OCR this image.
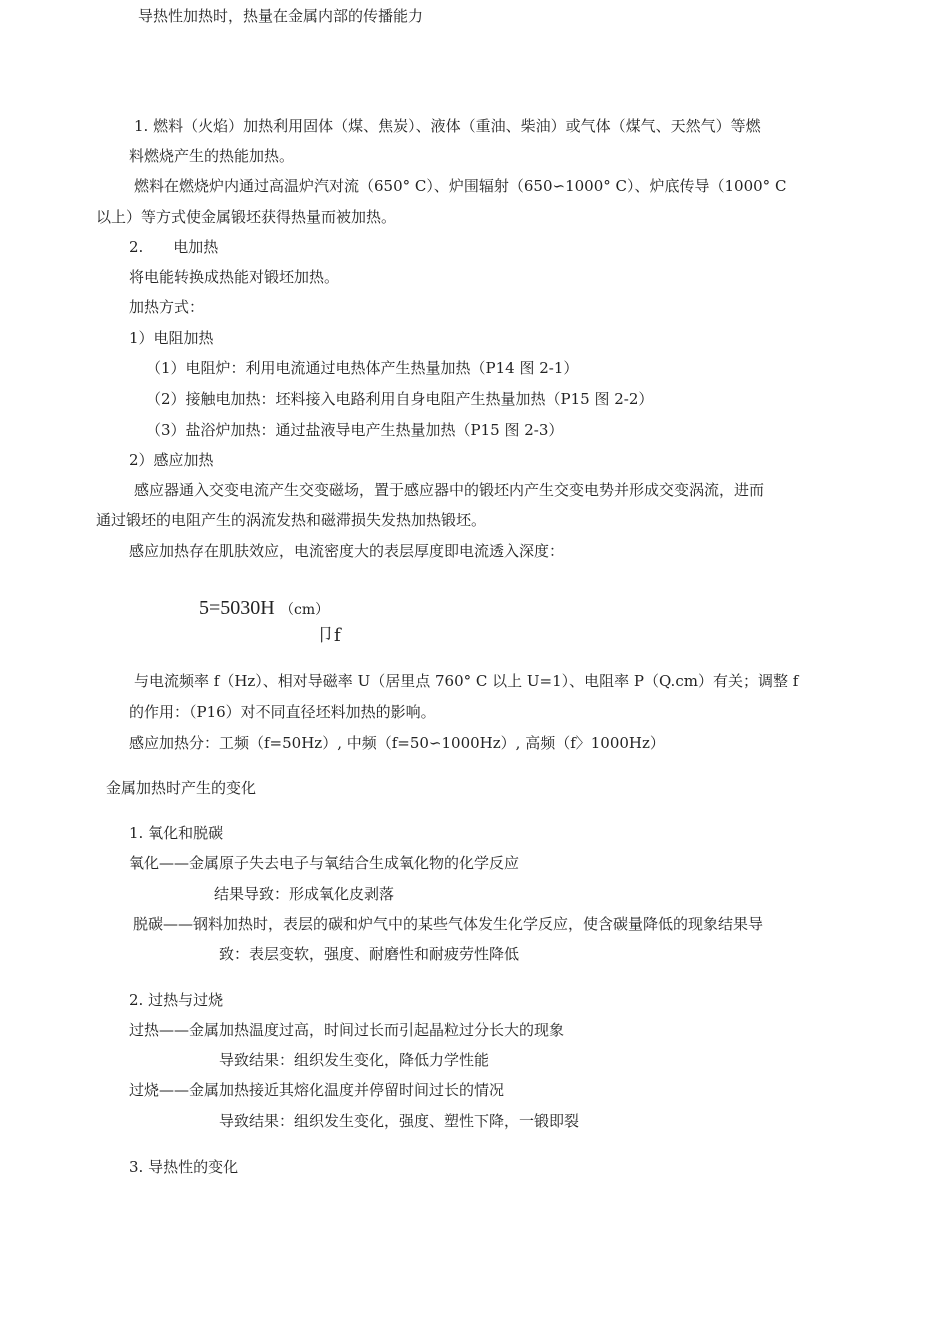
导热性加热时，热量在金属内部的传播能力
1. 燃料（火焰）加热利用固体（煤、焦炭）、液体（重油、柴油）或气体（煤气、天然气）等燃
料燃烧产生的热能加热。
燃料在燃烧炉内通过高温炉汽对流（650° C）、炉围辐射（650∽1000° C）、炉底传导（1000° C
以上）等方式使金属锻坯获得热量而被加热。
2.　　电加热
将电能转换成热能对锻坯加热。
加热方式：
1）电阻加热
（1）电阻炉：利用电流通过电热体产生热量加热（P14 图 2-1）
（2）接触电加热：坯料接入电路利用自身电阻产生热量加热（P15 图 2-2）
（3）盐浴炉加热：通过盐液导电产生热量加热（P15 图 2-3）
2）感应加热
感应器通入交变电流产生交变磁场，置于感应器中的锻坯内产生交变电势并形成交变涡流，进而
通过锻坯的电阻产生的涡流发热和磁滞损失发热加热锻坯。
感应加热存在肌肤效应，电流密度大的表层厚度即电流透入深度：
5=5030H （cm）
卩f
与电流频率 f（Hz）、相对导磁率 U（居里点 760° C 以上 U=1）、电阻率 P（Q.cm）有关；调整 f
的作用：（P16）对不同直径坯料加热的影响。
感应加热分：工频（f=50Hz）, 中频（f=50∽1000Hz）, 高频（f〉1000Hz）
金属加热时产生的变化
1. 氧化和脱碳
氧化——金属原子失去电子与氧结合生成氧化物的化学反应
结果导致：形成氧化皮剥落
脱碳——钢料加热时，表层的碳和炉气中的某些气体发生化学反应，使含碳量降低的现象结果导
致：表层变软，强度、耐磨性和耐疲劳性降低
2. 过热与过烧
过热——金属加热温度过高，时间过长而引起晶粒过分长大的现象
导致结果：组织发生变化，降低力学性能
过烧——金属加热接近其熔化温度并停留时间过长的情况
导致结果：组织发生变化，强度、塑性下降，一锻即裂
3. 导热性的变化
